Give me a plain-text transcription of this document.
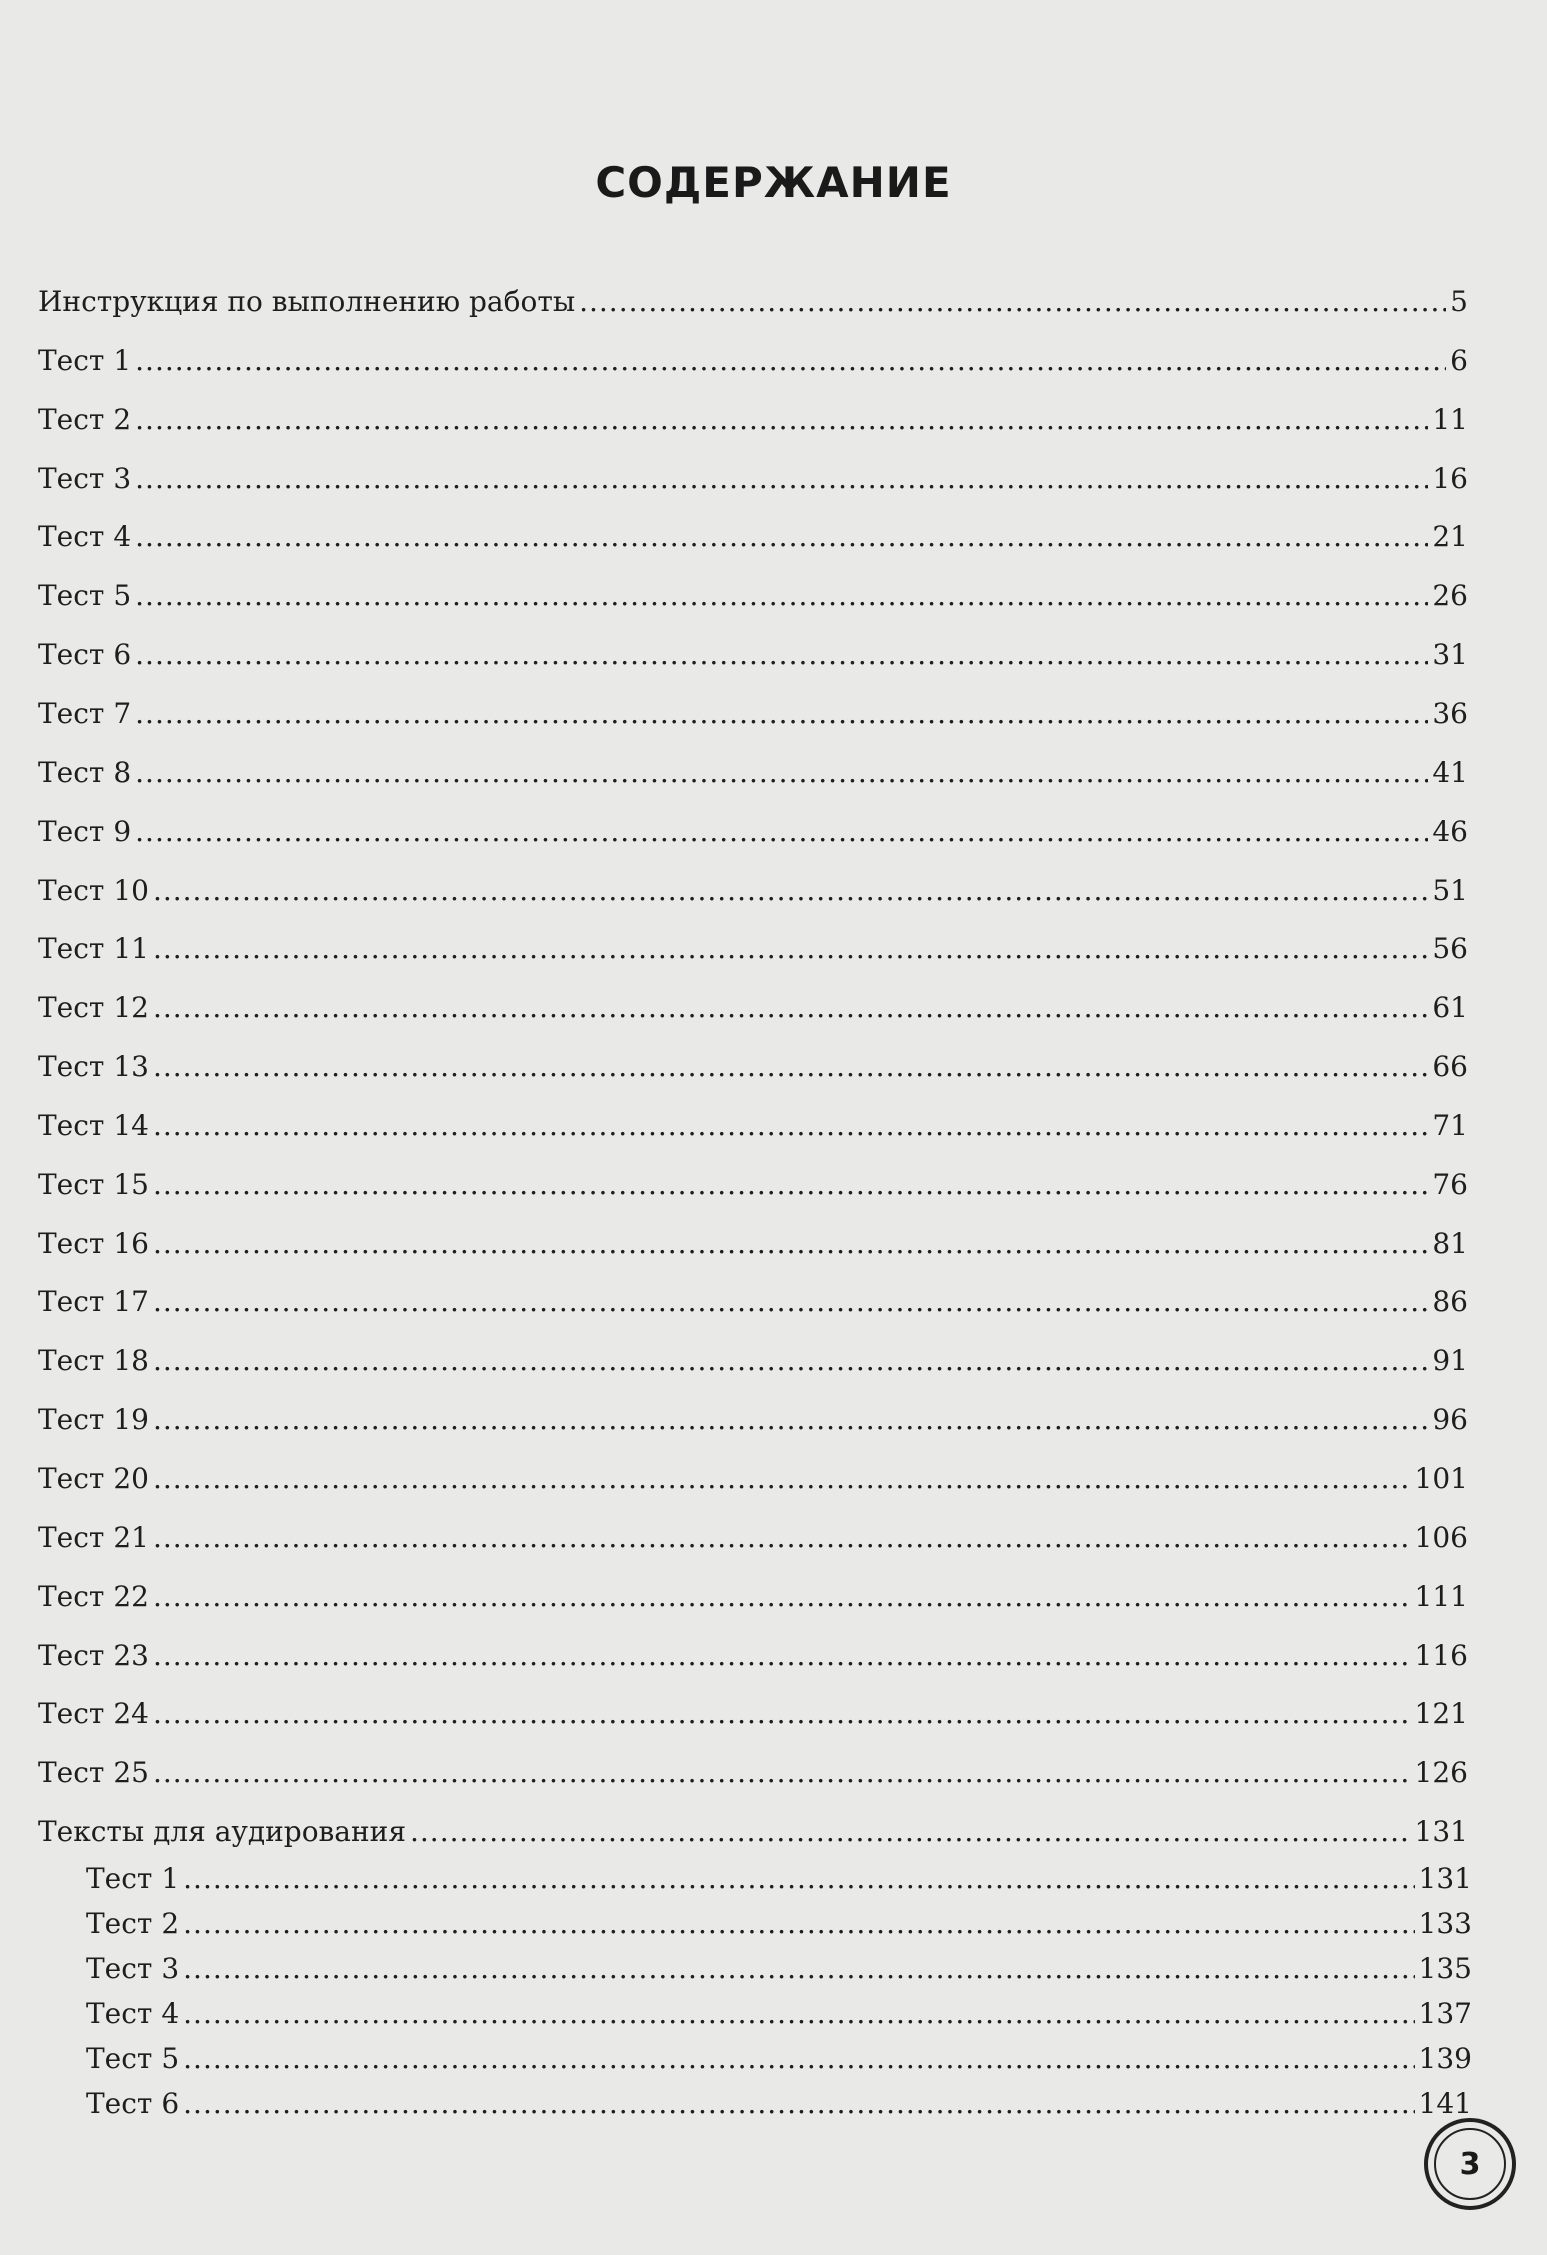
СОДЕРЖАНИЕ
Инструкция по выполнению работы .....	5
Тест 1 .....	6
Тест 2 .....	11
Тест 3 .....	16
Тест 4 .....	21
Тест 5 .....	26
Тест 6 .....	31
Тест 7 .....	36
Тест 8 .....	41
Тест 9 .....	46
Тест 10 .....	51
Тест 11 .....	56
Тест 12 .....	61
Тест 13 .....	66
Тест 14 .....	71
Тест 15 .....	76
Тест 16 .....	81
Тест 17 .....	86
Тест 18 .....	91
Тест 19 .....	96
Тест 20 .....	101
Тест 21 .....	106
Тест 22 .....	111
Тест 23 .....	116
Тест 24 .....	121
Тест 25 .....	126
Тексты для аудирования .....	131
Тест 1 .....	131
Тест 2 .....	133
Тест 3 .....	135
Тест 4 .....	137
Тест 5 .....	139
Тест 6 .....	141
3
